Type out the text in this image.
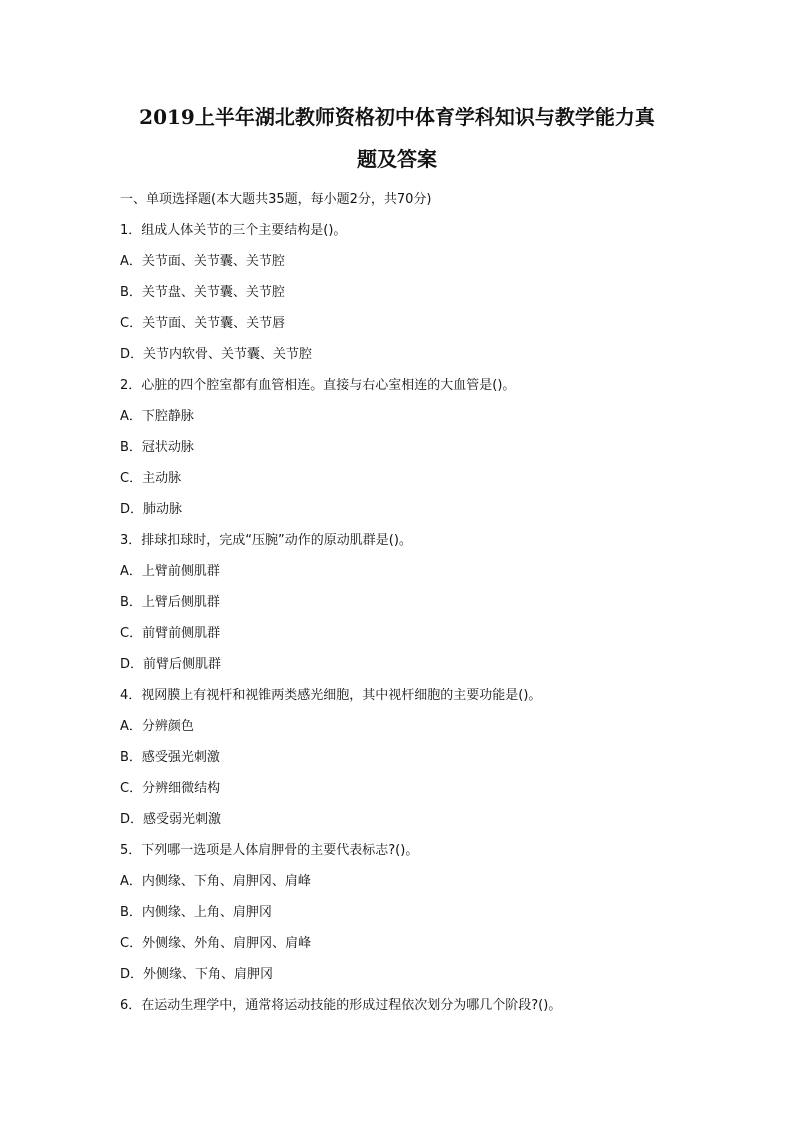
2019上半年湖北教师资格初中体育学科知识与教学能力真
题及答案
一、单项选择题(本大题共35题，每小题2分，共70分)
1．组成人体关节的三个主要结构是()。
A．关节面、关节囊、关节腔
B．关节盘、关节囊、关节腔
C．关节面、关节囊、关节唇
D．关节内软骨、关节囊、关节腔
2．心脏的四个腔室都有血管相连。直接与右心室相连的大血管是()。
A．下腔静脉
B．冠状动脉
C．主动脉
D．肺动脉
3．排球扣球时，完成“压腕”动作的原动肌群是()。
A．上臂前侧肌群
B．上臂后侧肌群
C．前臂前侧肌群
D．前臂后侧肌群
4．视网膜上有视杆和视锥两类感光细胞，其中视杆细胞的主要功能是()。
A．分辨颜色
B．感受强光刺激
C．分辨细微结构
D．感受弱光刺激
5．下列哪一选项是人体肩胛骨的主要代表标志?()。
A．内侧缘、下角、肩胛冈、肩峰
B．内侧缘、上角、肩胛冈
C．外侧缘、外角、肩胛冈、肩峰
D．外侧缘、下角、肩胛冈
6．在运动生理学中，通常将运动技能的形成过程依次划分为哪几个阶段?()。
